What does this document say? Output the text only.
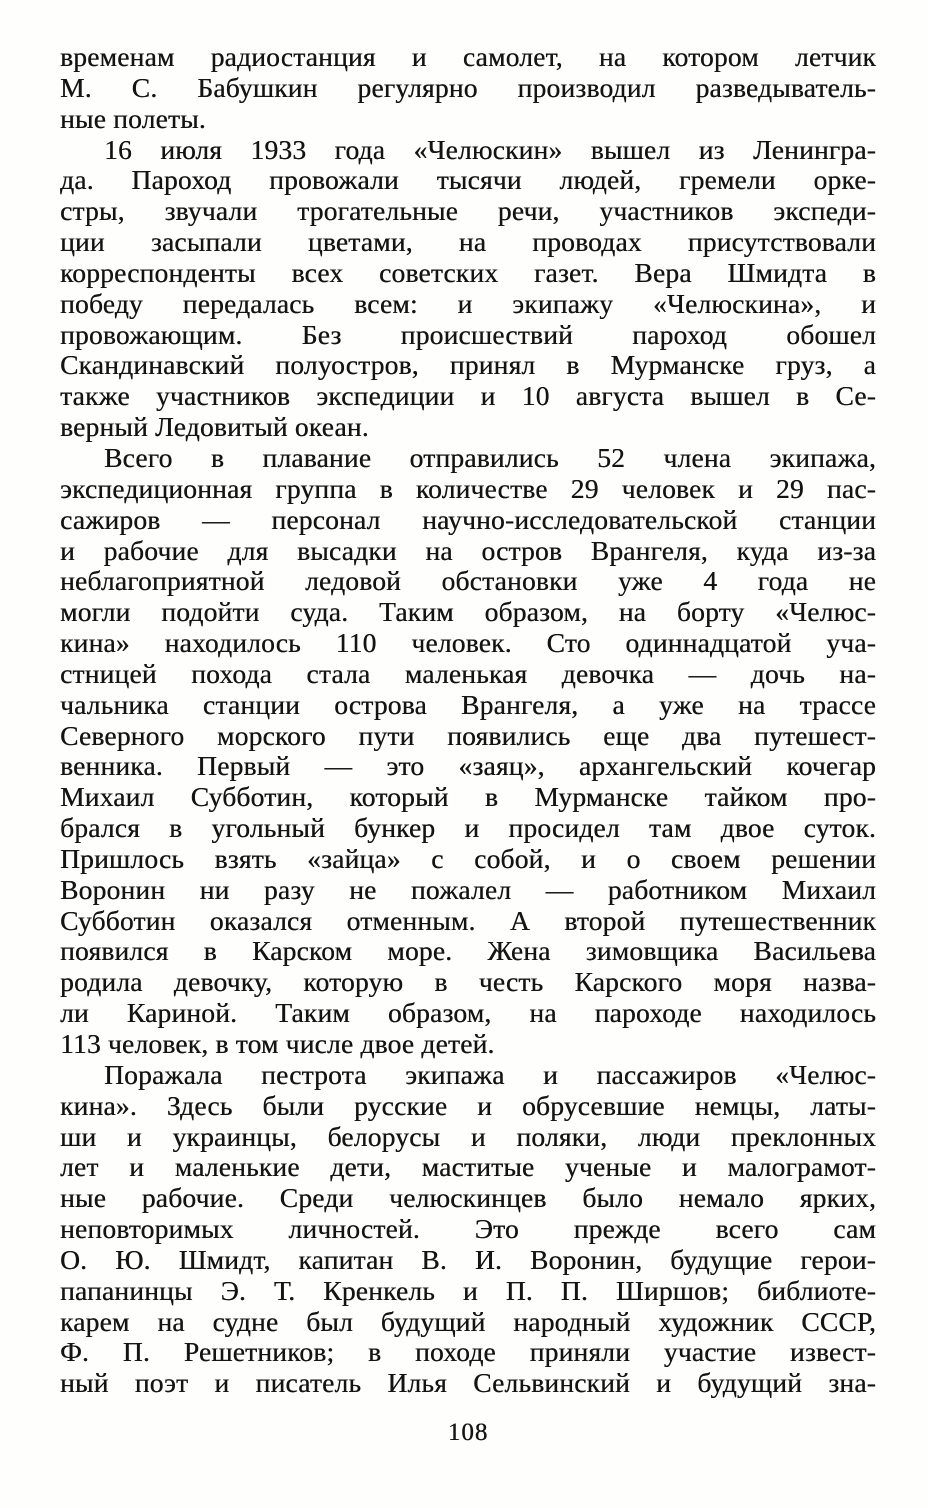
временам радиостанция и самолет, на котором летчик
М. С. Бабушкин регулярно производил разведыватель-
ные полеты.
16 июля 1933 года «Челюскин» вышел из Ленингра-
да. Пароход провожали тысячи людей, гремели орке-
стры, звучали трогательные речи, участников экспеди-
ции засыпали цветами, на проводах присутствовали
корреспонденты всех советских газет. Вера Шмидта в
победу передалась всем: и экипажу «Челюскина», и
провожающим. Без происшествий пароход обошел
Скандинавский полуостров, принял в Мурманске груз, а
также участников экспедиции и 10 августа вышел в Се-
верный Ледовитый океан.
Всего в плавание отправились 52 члена экипажа,
экспедиционная группа в количестве 29 человек и 29 пас-
сажиров — персонал научно-исследовательской станции
и рабочие для высадки на остров Врангеля, куда из-за
неблагоприятной ледовой обстановки уже 4 года не
могли подойти суда. Таким образом, на борту «Челюс-
кина» находилось 110 человек. Сто одиннадцатой уча-
стницей похода стала маленькая девочка — дочь на-
чальника станции острова Врангеля, а уже на трассе
Северного морского пути появились еще два путешест-
венника. Первый — это «заяц», архангельский кочегар
Михаил Субботин, который в Мурманске тайком про-
брался в угольный бункер и просидел там двое суток.
Пришлось взять «зайца» с собой, и о своем решении
Воронин ни разу не пожалел — работником Михаил
Субботин оказался отменным. А второй путешественник
появился в Карском море. Жена зимовщика Васильева
родила девочку, которую в честь Карского моря назва-
ли Кариной. Таким образом, на пароходе находилось
113 человек, в том числе двое детей.
Поражала пестрота экипажа и пассажиров «Челюс-
кина». Здесь были русские и обрусевшие немцы, латы-
ши и украинцы, белорусы и поляки, люди преклонных
лет и маленькие дети, маститые ученые и малограмот-
ные рабочие. Среди челюскинцев было немало ярких,
неповторимых личностей. Это прежде всего сам
О. Ю. Шмидт, капитан В. И. Воронин, будущие герои-
папанинцы Э. Т. Кренкель и П. П. Ширшов; библиоте-
карем на судне был будущий народный художник СССР,
Ф. П. Решетников; в походе приняли участие извест-
ный поэт и писатель Илья Сельвинский и будущий зна-
108
